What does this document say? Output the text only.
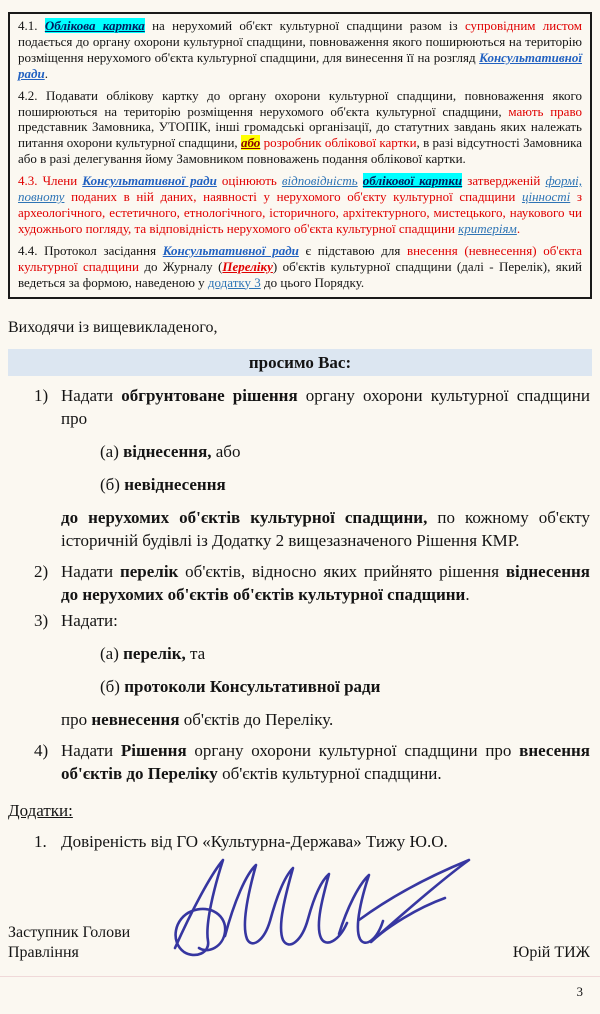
4.1. Облікова картка на нерухомий об'єкт культурної спадщини разом із супровідним листом подається до органу охорони культурної спадщини, повноваження якого поширюються на територію розміщення нерухомого об'єкта культурної спадщини, для винесення її на розгляд Консультативної ради.

4.2. Подавати облікову картку до органу охорони культурної спадщини, повноваження якого поширюються на територію розміщення нерухомого об'єкта культурної спадщини, мають право представник Замовника, УТОПІК, інші громадські організації, до статутних завдань яких належать питання охорони культурної спадщини, або розробник облікової картки, в разі відсутності Замовника або в разі делегування йому Замовником повноважень подання облікової картки.

4.3. Члени Консультативної ради оцінюють відповідність облікової картки затвердженій формі, повноту поданих в ній даних, наявності у нерухомого об'єкту культурної спадщини цінності з археологічного, естетичного, етнологічного, історичного, архітектурного, мистецького, наукового чи художнього погляду, та відповідність нерухомого об'єкта культурної спадщини критеріям.

4.4. Протокол засідання Консультативної ради є підставою для внесення (невнесення) об'єкта культурної спадщини до Журналу (Переліку) об'єктів культурної спадщини (далі - Перелік), який ведеться за формою, наведеною у додатку 3 до цього Порядку.

Виходячи із вищевикладеного,

просимо Вас:
1) Надати обгрунтоване рішення органу охорони культурної спадщини про
(а) віднесення, або
(б) невіднесення
до нерухомих об'єктів культурної спадщини, по кожному об'єкту історичній будівлі із Додатку 2 вищезазначеного Рішення КМР.
2) Надати перелік об'єктів, відносно яких прийнято рішення віднесення до нерухомих об'єктів об'єктів культурної спадщини.
3) Надати:
(а) перелік, та
(б) протоколи Консультативної ради
про невнесення об'єктів до Переліку.
4) Надати Рішення органу охорони культурної спадщини про внесення об'єктів до Переліку об'єктів культурної спадщини.
Додатки:
1. Довіреність від ГО «Культурна-Держава» Тижу Ю.О.
Заступник Голови
Правління	Юрій ТИЖ
3
